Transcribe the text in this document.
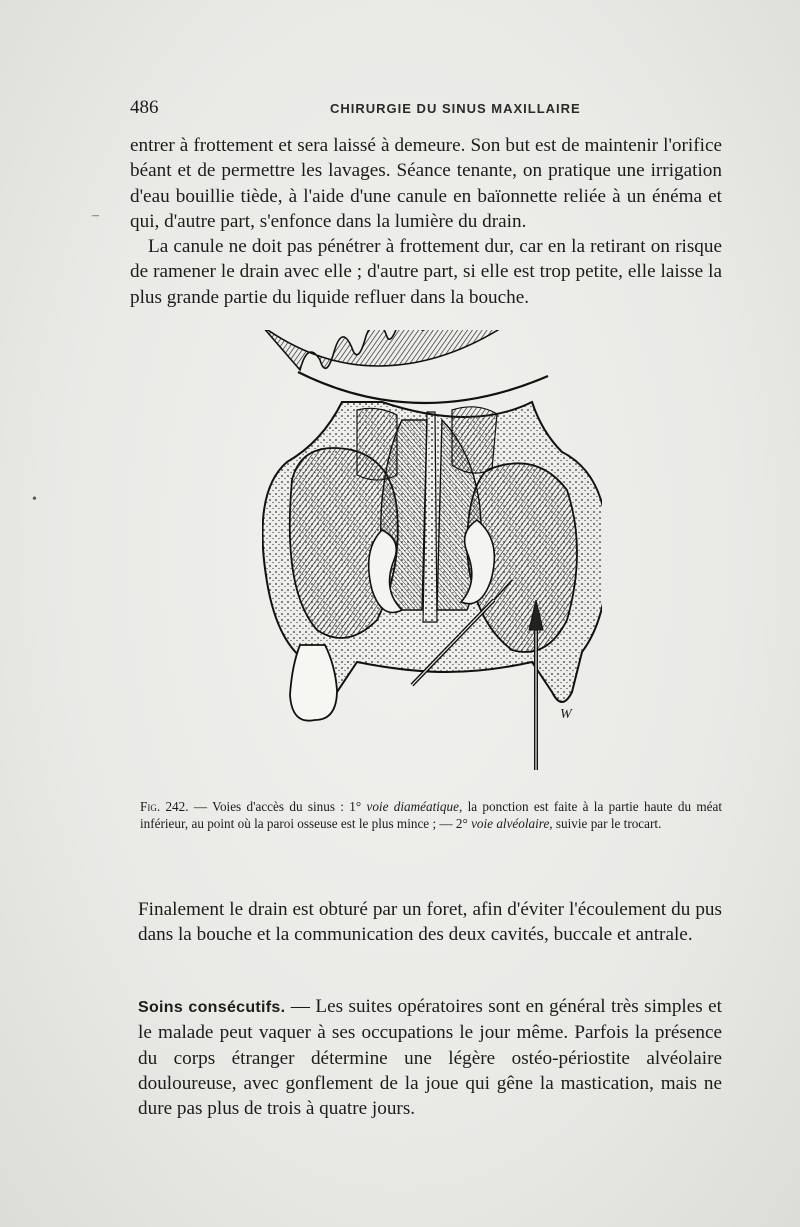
486	CHIRURGIE DU SINUS MAXILLAIRE

entrer à frottement et sera laissé à demeure. Son but est de maintenir l'orifice béant et de permettre les lavages. Séance tenante, on pratique une irrigation d'eau bouillie tiède, à l'aide d'une canule en baïonnette reliée à un énéma et qui, d'autre part, s'enfonce dans la lumière du drain.

La canule ne doit pas pénétrer à frottement dur, car en la retirant on risque de ramener le drain avec elle ; d'autre part, si elle est trop petite, elle laisse la plus grande partie du liquide refluer dans la bouche.

–
•
W

Fig. 242. — Voies d'accès du sinus : 1° voie diaméatique, la ponction est faite à la partie haute du méat inférieur, au point où la paroi osseuse est le plus mince ; — 2° voie alvéolaire, suivie par le trocart.

Finalement le drain est obturé par un foret, afin d'éviter l'écoulement du pus dans la bouche et la communication des deux cavités, buccale et antrale.

Soins consécutifs. — Les suites opératoires sont en général très simples et le malade peut vaquer à ses occupations le jour même. Parfois la présence du corps étranger détermine une légère ostéo-périostite alvéolaire douloureuse, avec gonflement de la joue qui gêne la mastication, mais ne dure pas plus de trois à quatre jours.
